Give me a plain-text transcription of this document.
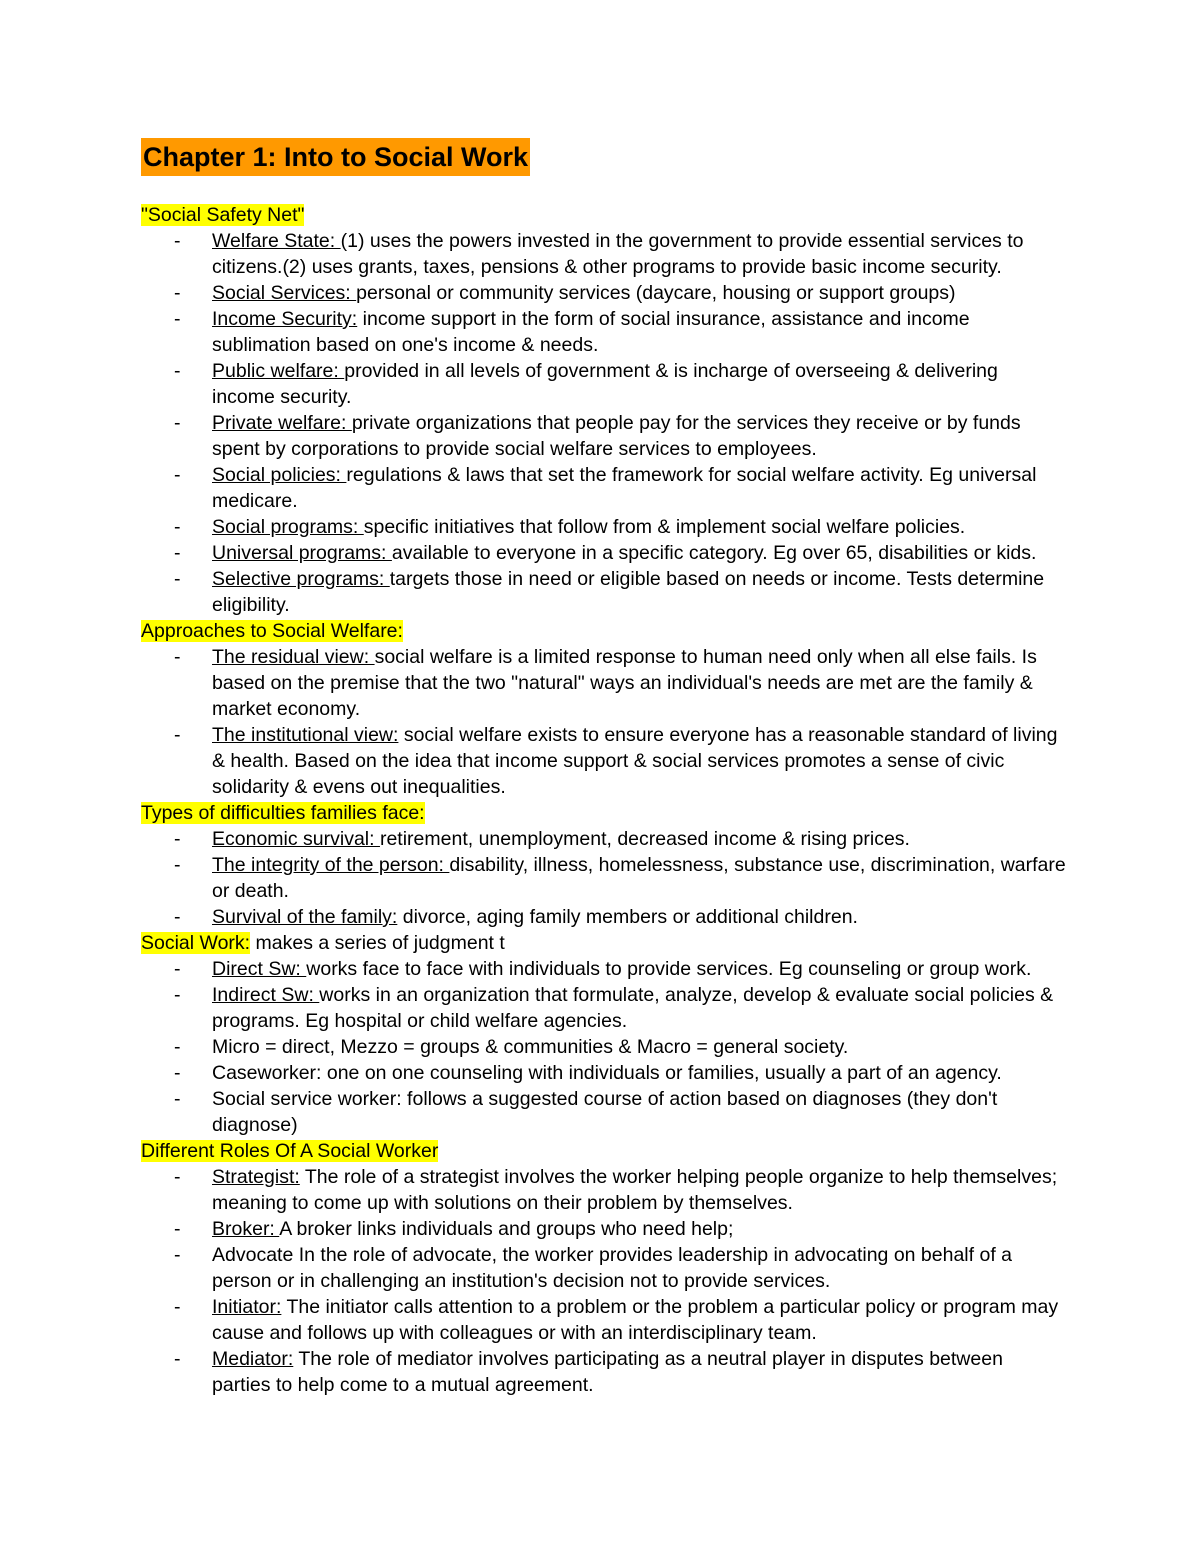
Chapter 1: Into to Social Work
"Social Safety Net"
- Welfare State: (1) uses the powers invested in the government to provide essential services to citizens.(2) uses grants, taxes, pensions & other programs to provide basic income security.
- Social Services: personal or community services (daycare, housing or support groups)
- Income Security: income support in the form of social insurance, assistance and income sublimation based on one's income & needs.
- Public welfare: provided in all levels of government & is incharge of overseeing & delivering income security.
- Private welfare: private organizations that people pay for the services they receive or by funds spent by corporations to provide social welfare services to employees.
- Social policies: regulations & laws that set the framework for social welfare activity. Eg universal medicare.
- Social programs: specific initiatives that follow from & implement social welfare policies.
- Universal programs: available to everyone in a specific category. Eg over 65, disabilities or kids.
- Selective programs: targets those in need or eligible based on needs or income. Tests determine eligibility.
Approaches to Social Welfare:
- The residual view: social welfare is a limited response to human need only when all else fails. Is based on the premise that the two "natural" ways an individual's needs are met are the family & market economy.
- The institutional view: social welfare exists to ensure everyone has a reasonable standard of living & health. Based on the idea that income support & social services promotes a sense of civic solidarity & evens out inequalities.
Types of difficulties families face:
- Economic survival: retirement, unemployment, decreased income & rising prices.
- The integrity of the person: disability, illness, homelessness, substance use, discrimination, warfare or death.
- Survival of the family: divorce, aging family members or additional children.
Social Work: makes a series of judgment t
- Direct Sw: works face to face with individuals to provide services. Eg counseling or group work.
- Indirect Sw: works in an organization that formulate, analyze, develop & evaluate social policies & programs. Eg hospital or child welfare agencies.
- Micro = direct, Mezzo = groups & communities & Macro = general society.
- Caseworker: one on one counseling with individuals or families, usually a part of an agency.
- Social service worker: follows a suggested course of action based on diagnoses (they don't diagnose)
Different Roles Of A Social Worker
- Strategist: The role of a strategist involves the worker helping people organize to help themselves; meaning to come up with solutions on their problem by themselves.
- Broker: A broker links individuals and groups who need help;
- Advocate In the role of advocate, the worker provides leadership in advocating on behalf of a person or in challenging an institution's decision not to provide services.
- Initiator: The initiator calls attention to a problem or the problem a particular policy or program may cause and follows up with colleagues or with an interdisciplinary team.
- Mediator: The role of mediator involves participating as a neutral player in disputes between parties to help come to a mutual agreement.
